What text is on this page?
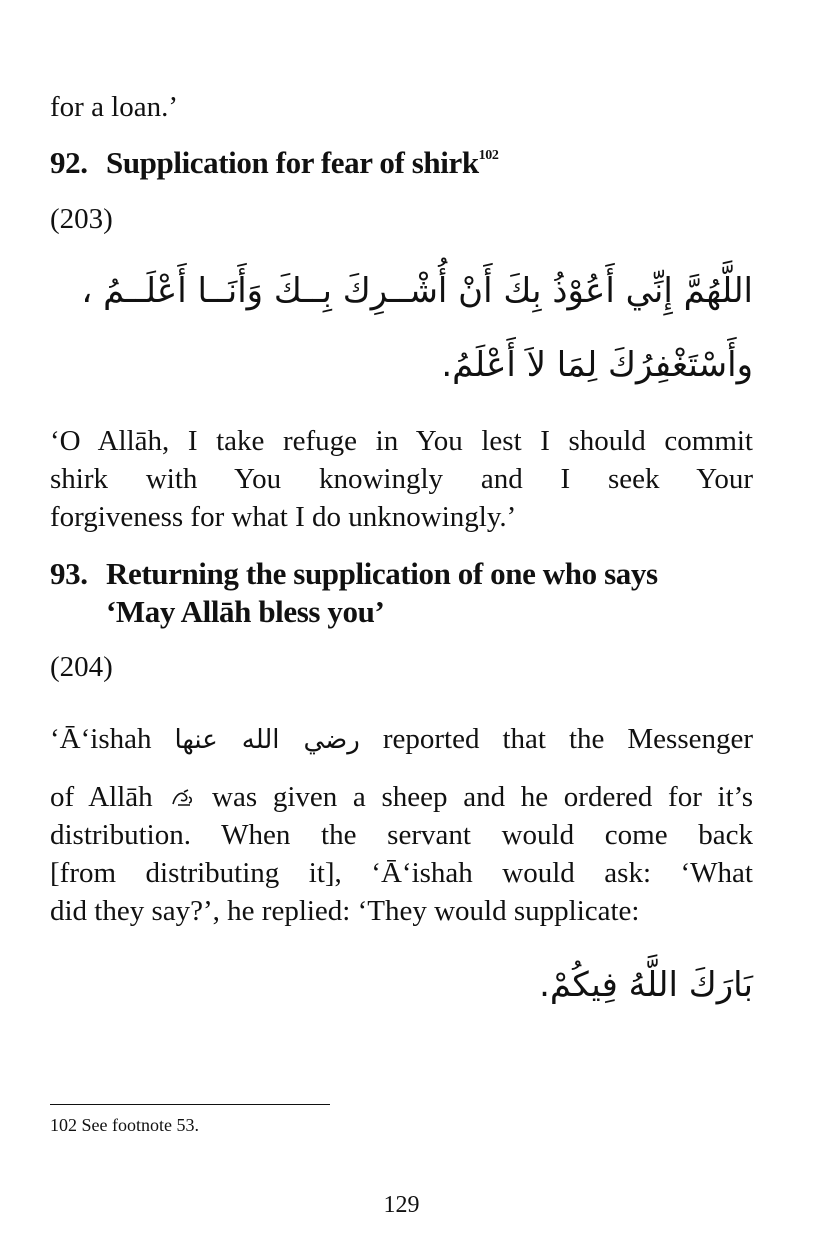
for a loan.’
92. Supplication for fear of shirk$^{102}$
(203)
اللَّهُمَّ إِنِّي أَعُوْذُ بِكَ أَنْ أُشْــرِكَ بِــكَ وَأَنَــا أَعْلَــمُ ،
وأَسْتَغْفِرُكَ لِمَا لاَ أَعْلَمُ.
‘O Allāh, I take refuge in You lest I should commit
shirk with You knowingly and I seek Your
forgiveness for what I do unknowingly.’
93. Returning the supplication of one who says
‘May Allāh bless you’
(204)
‘Ā‘ishah رضي الله عنها reported that the Messenger
of Allāh was given a sheep and he ordered for it’s
distribution. When the servant would come back
[from distributing it], ‘Ā‘ishah would ask: ‘What
did they say?’, he replied: ‘They would supplicate:
بَارَكَ اللَّهُ فِيكُمْ.
102 See footnote 53.
129
